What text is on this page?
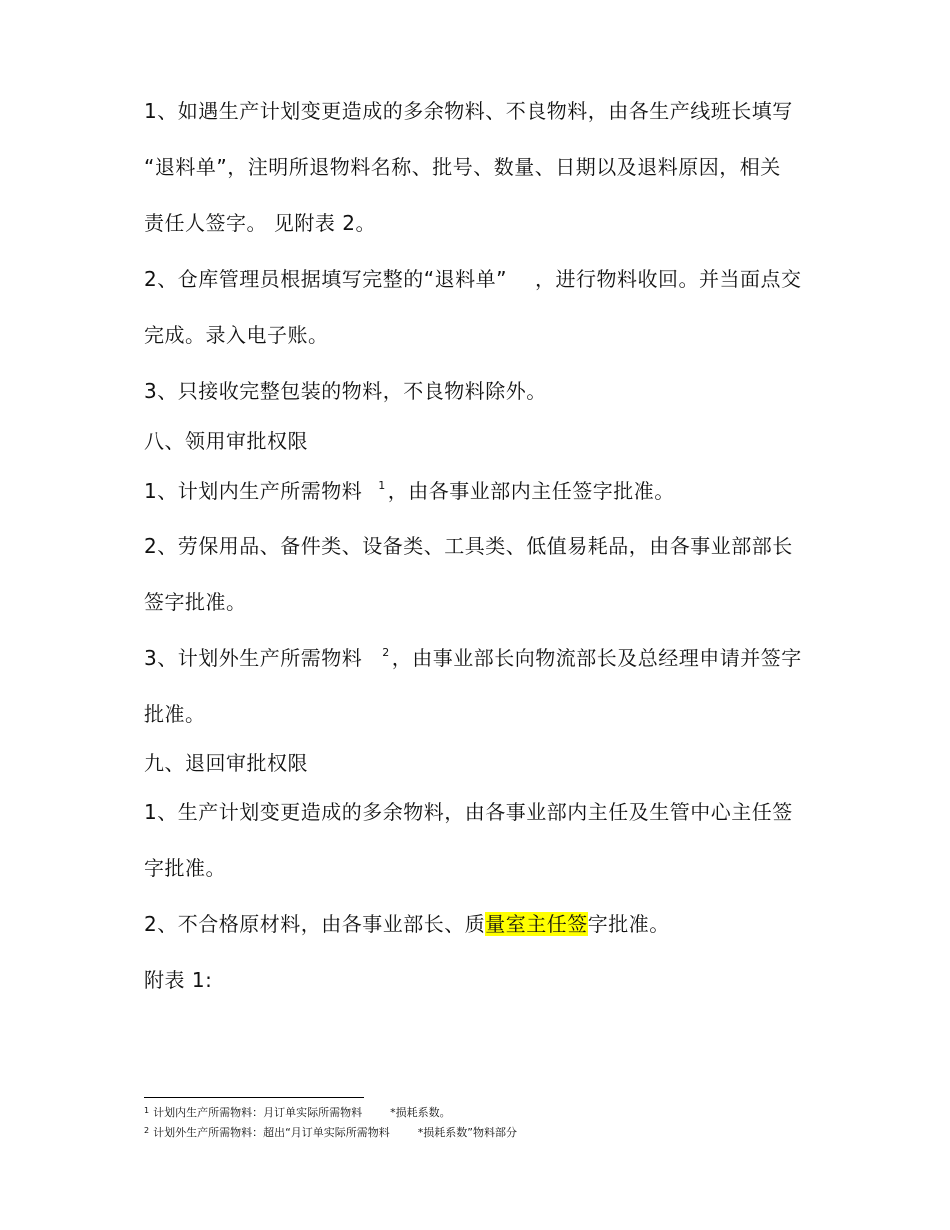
1、如遇生产计划变更造成的多余物料、不良物料，由各生产线班长填写
“退料单”，注明所退物料名称、批号、数量、日期以及退料原因，相关
责任人签字。 见附表 2。
2、仓库管理员根据填写完整的“退料单” ，进行物料收回。并当面点交
完成。录入电子账。
3、只接收完整包装的物料，不良物料除外。
八、领用审批权限
1、计划内生产所需物料 $^1$ ，由各事业部内主任签字批准。
2、劳保用品、备件类、设备类、工具类、低值易耗品，由各事业部部长
签字批准。
3、计划外生产所需物料 $^2$ ，由事业部长向物流部长及总经理申请并签字
批准。
九、退回审批权限
1、生产计划变更造成的多余物料，由各事业部内主任及生管中心主任签
字批准。
2、不合格原材料，由各事业部长、质量室主任签字批准。
附表 1:
$^1$ 计划内生产所需物料：月订单实际所需物料	*损耗系数。
$^2$ 计划外生产所需物料：超出“月订单实际所需物料	*损耗系数”物料部分
